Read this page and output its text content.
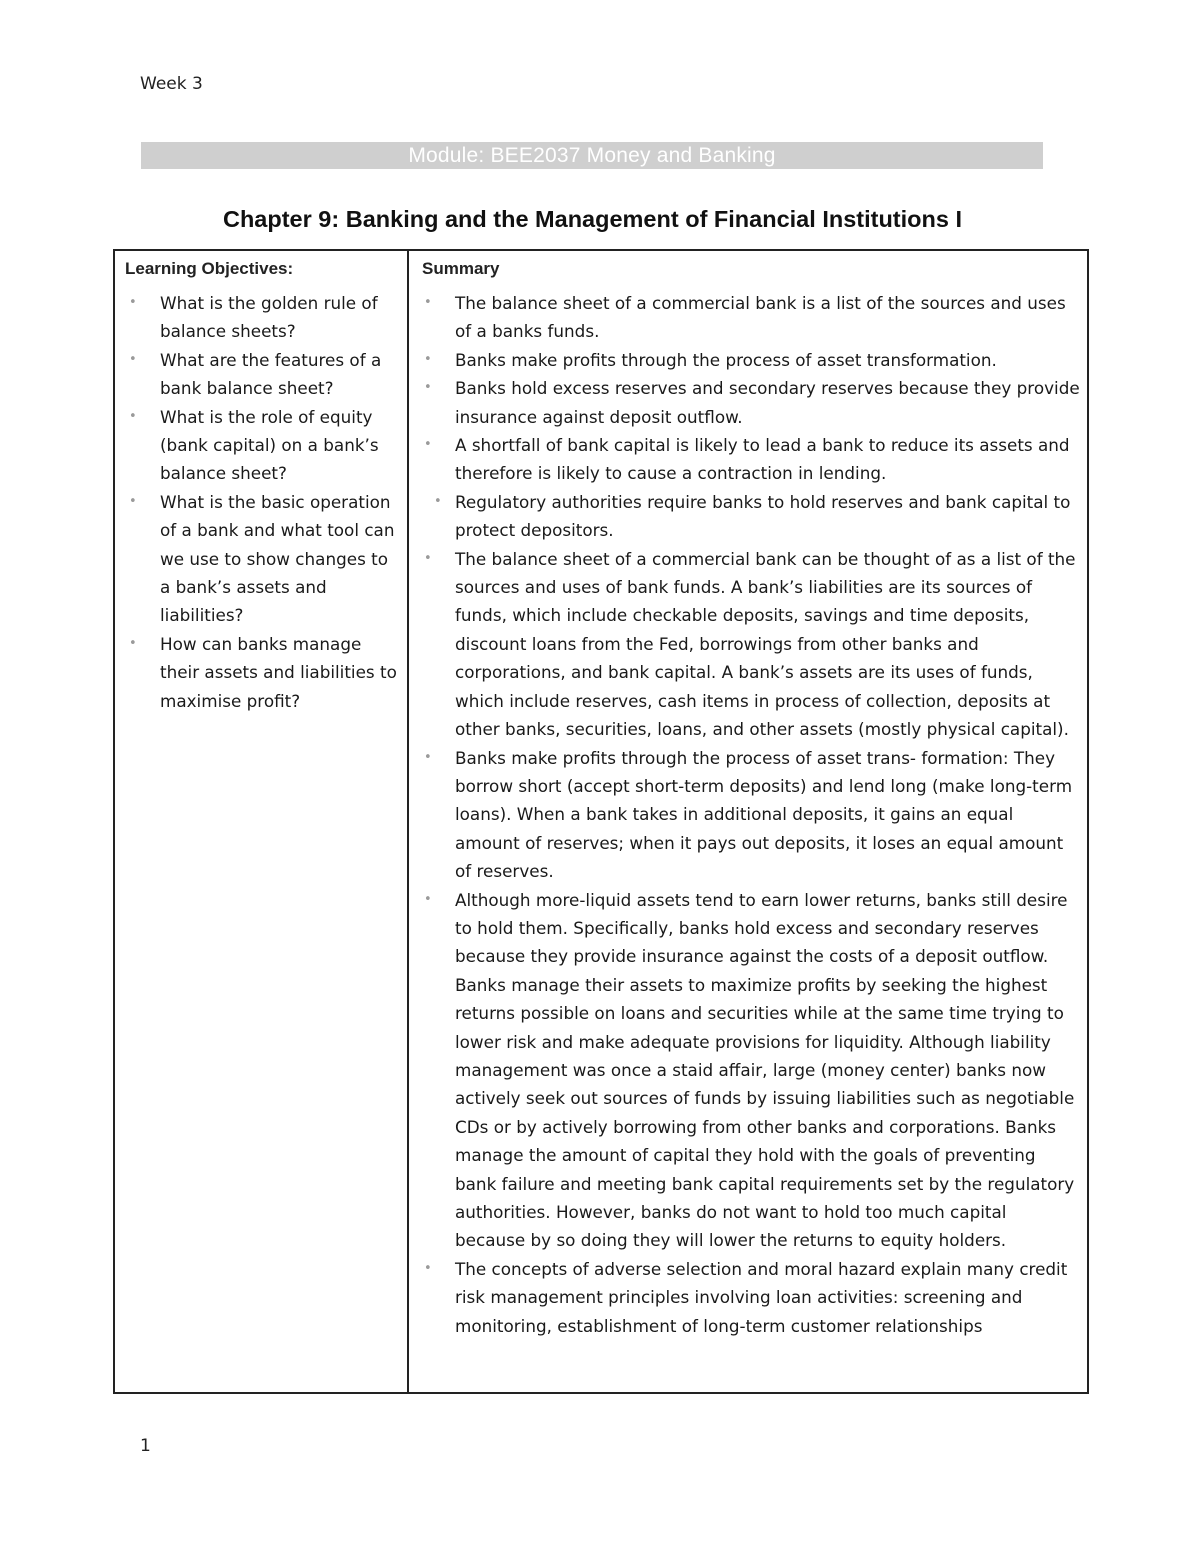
Week 3
Module: BEE2037 Money and Banking
Chapter 9: Banking and the Management of Financial Institutions I
Learning Objectives:	Summary
• What is the golden rule of balance sheets?
• What are the features of a bank balance sheet?
• What is the role of equity (bank capital) on a bank’s balance sheet?
• What is the basic operation of a bank and what tool can we use to show changes to a bank’s assets and liabilities?
• How can banks manage their assets and liabilities to maximise profit?
• The balance sheet of a commercial bank is a list of the sources and uses of a banks funds.
• Banks make profits through the process of asset transformation.
• Banks hold excess reserves and secondary reserves because they provide insurance against deposit outflow.
• A shortfall of bank capital is likely to lead a bank to reduce its assets and therefore is likely to cause a contraction in lending.
• Regulatory authorities require banks to hold reserves and bank capital to protect depositors.
• The balance sheet of a commercial bank can be thought of as a list of the sources and uses of bank funds. A bank’s liabilities are its sources of funds, which include checkable deposits, savings and time deposits, discount loans from the Fed, borrowings from other banks and corporations, and bank capital. A bank’s assets are its uses of funds, which include reserves, cash items in process of collection, deposits at other banks, securities, loans, and other assets (mostly physical capital).
• Banks make profits through the process of asset trans- formation: They borrow short (accept short-term deposits) and lend long (make long-term loans). When a bank takes in additional deposits, it gains an equal amount of reserves; when it pays out deposits, it loses an equal amount of reserves.
• Although more-liquid assets tend to earn lower returns, banks still desire to hold them. Specifically, banks hold excess and secondary reserves because they provide insurance against the costs of a deposit outflow. Banks manage their assets to maximize profits by seeking the highest returns possible on loans and securities while at the same time trying to lower risk and make adequate provisions for liquidity. Although liability management was once a staid affair, large (money center) banks now actively seek out sources of funds by issuing liabilities such as negotiable CDs or by actively borrowing from other banks and corporations. Banks manage the amount of capital they hold with the goals of preventing bank failure and meeting bank capital requirements set by the regulatory authorities. However, banks do not want to hold too much capital because by so doing they will lower the returns to equity holders.
• The concepts of adverse selection and moral hazard explain many credit risk management principles involving loan activities: screening and monitoring, establishment of long-term customer relationships
1
